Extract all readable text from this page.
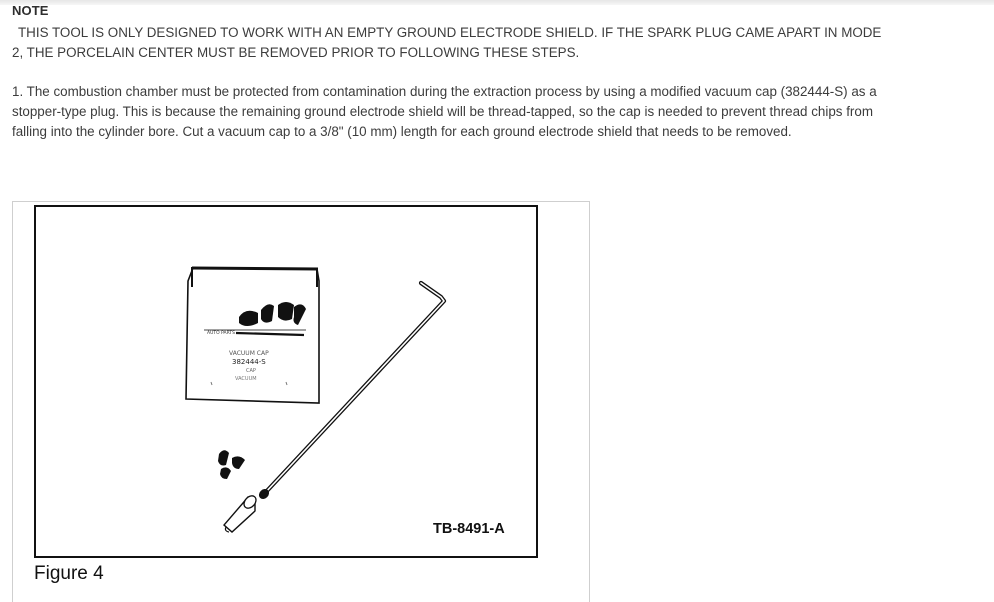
NOTE
THIS TOOL IS ONLY DESIGNED TO WORK WITH AN EMPTY GROUND ELECTRODE SHIELD. IF THE SPARK PLUG CAME APART IN MODE 2, THE PORCELAIN CENTER MUST BE REMOVED PRIOR TO FOLLOWING THESE STEPS.
1. The combustion chamber must be protected from contamination during the extraction process by using a modified vacuum cap (382444-S) as a stopper-type plug. This is because the remaining ground electrode shield will be thread-tapped, so the cap is needed to prevent thread chips from falling into the cylinder bore. Cut a vacuum cap to a 3/8" (10 mm) length for each ground electrode shield that needs to be removed.
AUTO PARTS
VACUUM CAP
382444-S
CAP
VACUUM
TB-8491-A
Figure 4
